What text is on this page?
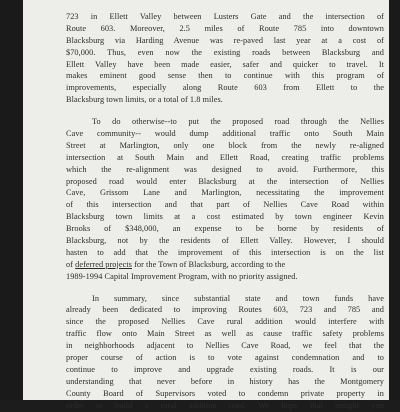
723 in Ellett Valley between Lusters Gate and the intersection of
Route 603. Moreover, 2.5 miles of Route 785 into downtown
Blacksburg via Harding Avenue was re-paved last year at a cost of
$70,000. Thus, even now the existing roads between Blacksburg and
Ellett Valley have been made easier, safer and quicker to travel. It
makes eminent good sense then to continue with this program of
improvements, especially along Route 603 from Ellett to the
Blacksburg town limits, or a total of 1.8 miles.
To do otherwise--to put the proposed road through the Nellies
Cave community-- would dump additional traffic onto South Main
Street at Marlington, only one block from the newly re-aligned
intersection at South Main and Ellett Road, creating traffic problems
which the re-alignment was designed to avoid. Furthermore, this
proposed road would enter Blacksburg at the intersection of Nellies
Cave, Grissom Lane and Marlington, necessitating the improvement
of this intersection and that part of Nellies Cave Road within
Blacksburg town limits at a cost estimated by town engineer Kevin
Brooks of $348,000, an expense to be borne by residents of
Blacksburg, not by the residents of Ellett Valley. However, I should
hasten to add that the improvement of this intersection is on the list
of deferred projects for the Town of Blacksburg, according to the
1989-1994 Capital Improvement Program, with no priority assigned.
In summary, since substantial state and town funds have
already been dedicated to improving Routes 603, 723 and 785 and
since the proposed Nellies Cave rural addition would interfere with
traffic flow onto Main Street as well as cause traffic safety problems
in neighborhoods adjacent to Nellies Cave Road, we feel that the
proper course of action is to vote against condemnation and to
continue to improve and upgrade existing roads. It is our
understanding that never before in history has the Montgomery
County Board of Supervisors voted to condemn private property in
order to build a rural addition road. We hope that tonight you
